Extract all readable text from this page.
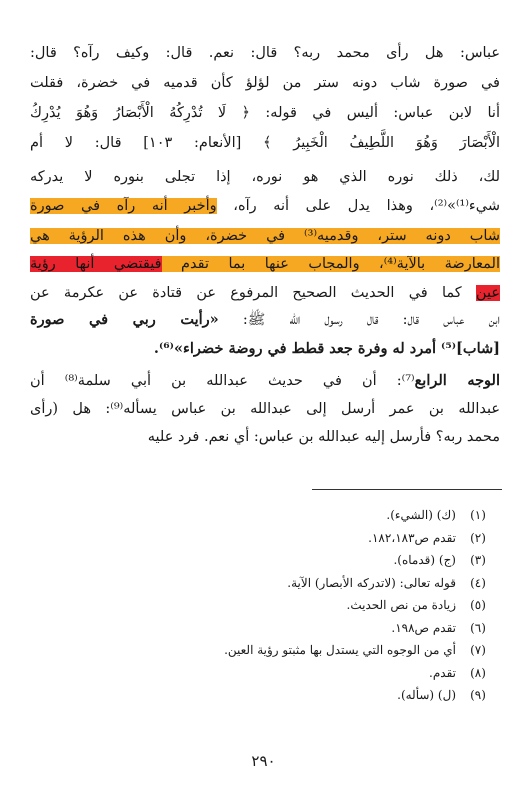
عباس: هل رأى محمد ربه؟ قال: نعم. قال: وكيف رآه؟ قال:
في صورة شاب دونه ستر من لؤلؤ كأن قدميه في خضرة، فقلت
أنا لابن عباس: أليس في قوله: ﴿ لَا تُدْرِكُهُ الْأَبْصَارُ وَهُوَ يُدْرِكُ
الْأَبْصَارَ وَهُوَ اللَّطِيفُ الْخَبِيرُ ﴾ [الأنعام: ١٠٣] قال: لا أم
لك، ذلك نوره الذي هو نوره، إذا تجلى بنوره لا يدركه
شيء⁽¹⁾»⁽²⁾، وهذا يدل على أنه رآه، وأخبر أنه رآه في صورة
شاب دونه ستر، وقدميه⁽³⁾ في خضرة، وأن هذه الرؤية هي
المعارضة بالآية⁽⁴⁾، والمجاب عنها بما تقدم فيقتضي أنها رؤية
عين كما في الحديث الصحيح المرفوع عن قتادة عن عكرمة عن
ابن عباس قال: قال رسول الله ﷺ: «رأيت ربي في صورة
[شاب]⁽⁵⁾ أمرد له وفرة جعد قطط في روضة خضراء»⁽⁶⁾.
الوجه الرابع⁽⁷⁾: أن في حديث عبدالله بن أبي سلمة⁽⁸⁾ أن
عبدالله بن عمر أرسل إلى عبدالله بن عباس يسأله⁽⁹⁾: هل (رأى
محمد ربه؟ فأرسل إليه عبدالله بن عباس: أي نعم. فرد عليه
(١)(ك) (الشيء).
(٢)تقدم ص١٨٢،١٨٣.
(٣)(ج) (قدماه).
(٤)قوله تعالى: (لاتدركه الأبصار) الآية.
(٥)زيادة من نص الحديث.
(٦)تقدم ص١٩٨.
(٧)أي من الوجوه التي يستدل بها مثبتو رؤية العين.
(٨)تقدم.
(٩)(ل) (سأله).
٢٩٠
